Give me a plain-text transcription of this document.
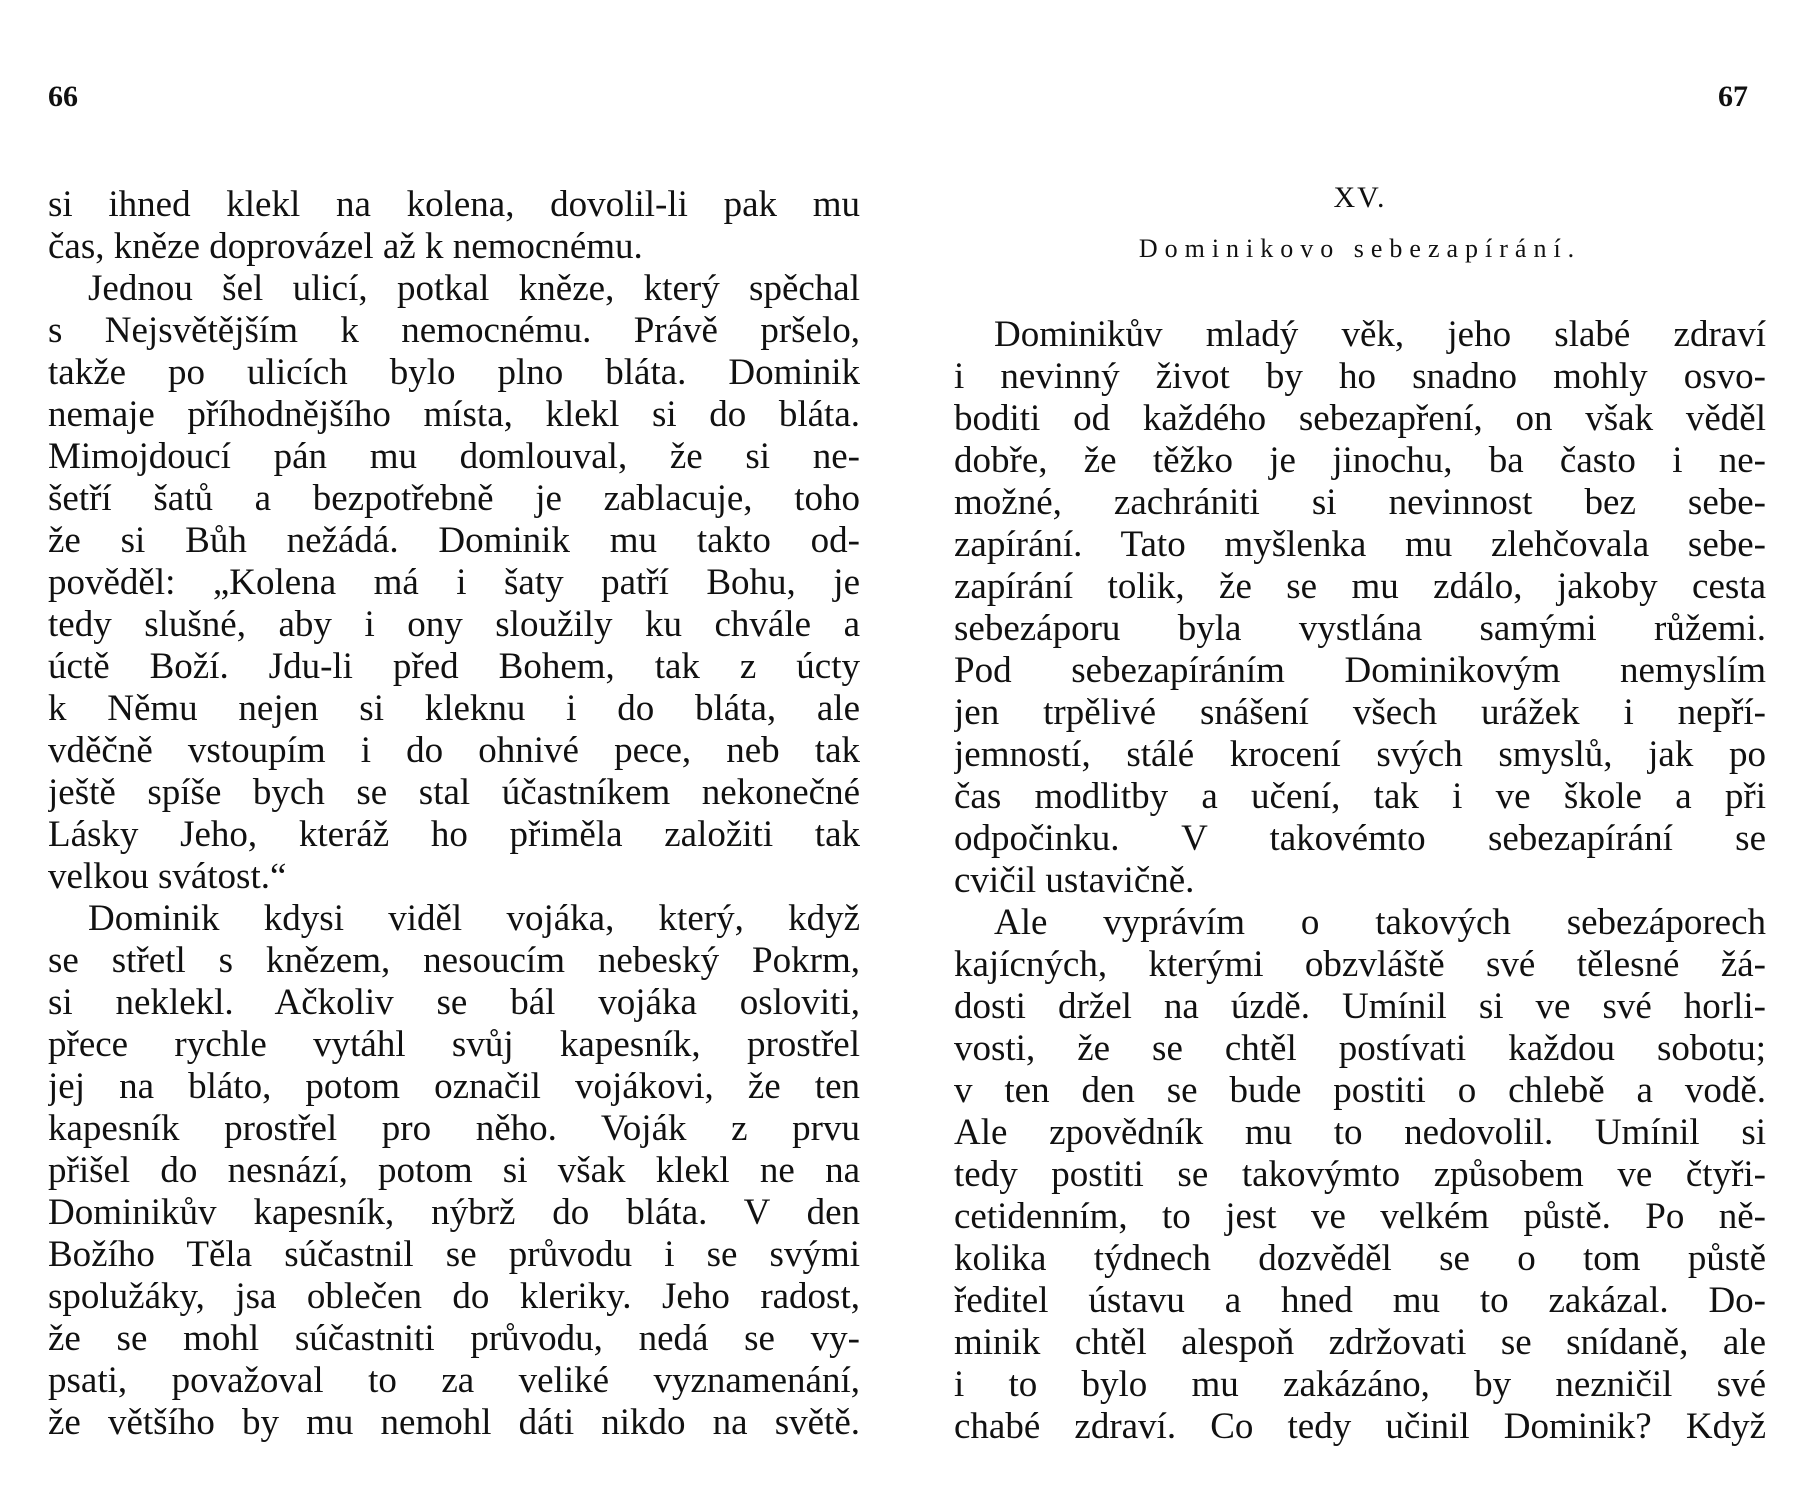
66	67
si ihned klekl na kolena, dovolil-li pak mu
čas, kněze doprovázel až k nemocnému.
Jednou šel ulicí, potkal kněze, který spěchal
s Nejsvětějším k nemocnému. Právě pršelo,
takže po ulicích bylo plno bláta. Dominik
nemaje příhodnějšího místa, klekl si do bláta.
Mimojdoucí pán mu domlouval, že si ne-
šetří šatů a bezpotřebně je zablacuje, toho
že si Bůh nežádá. Dominik mu takto od-
pověděl: „Kolena má i šaty patří Bohu, je
tedy slušné, aby i ony sloužily ku chvále a
úctě Boží. Jdu-li před Bohem, tak z úcty
k Němu nejen si kleknu i do bláta, ale
vděčně vstoupím i do ohnivé pece, neb tak
ještě spíše bych se stal účastníkem nekonečné
Lásky Jeho, kteráž ho přiměla založiti tak
velkou svátost.“
Dominik kdysi viděl vojáka, který, když
se střetl s knězem, nesoucím nebeský Pokrm,
si neklekl. Ačkoliv se bál vojáka osloviti,
přece rychle vytáhl svůj kapesník, prostřel
jej na bláto, potom označil vojákovi, že ten
kapesník prostřel pro něho. Voják z prvu
přišel do nesnází, potom si však klekl ne na
Dominikův kapesník, nýbrž do bláta. V den
Božího Těla súčastnil se průvodu i se svými
spolužáky, jsa oblečen do kleriky. Jeho radost,
že se mohl súčastniti průvodu, nedá se vy-
psati, považoval to za veliké vyznamenání,
že většího by mu nemohl dáti nikdo na světě.
XV.
Dominikovo sebezapírání.
Dominikův mladý věk, jeho slabé zdraví
i nevinný život by ho snadno mohly osvo-
boditi od každého sebezapření, on však věděl
dobře, že těžko je jinochu, ba často i ne-
možné, zachrániti si nevinnost bez sebe-
zapírání. Tato myšlenka mu zlehčovala sebe-
zapírání tolik, že se mu zdálo, jakoby cesta
sebezáporu byla vystlána samými růžemi.
Pod sebezapíráním Dominikovým nemyslím
jen trpělivé snášení všech urážek i nepří-
jemností, stálé krocení svých smyslů, jak po
čas modlitby a učení, tak i ve škole a při
odpočinku. V takovémto sebezapírání se
cvičil ustavičně.
Ale vyprávím o takových sebezáporech
kajícných, kterými obzvláště své tělesné žá-
dosti držel na úzdě. Umínil si ve své horli-
vosti, že se chtěl postívati každou sobotu;
v ten den se bude postiti o chlebě a vodě.
Ale zpovědník mu to nedovolil. Umínil si
tedy postiti se takovýmto způsobem ve čtyři-
cetidenním, to jest ve velkém půstě. Po ně-
kolika týdnech dozvěděl se o tom půstě
ředitel ústavu a hned mu to zakázal. Do-
minik chtěl alespoň zdržovati se snídaně, ale
i to bylo mu zakázáno, by nezničil své
chabé zdraví. Co tedy učinil Dominik? Když
